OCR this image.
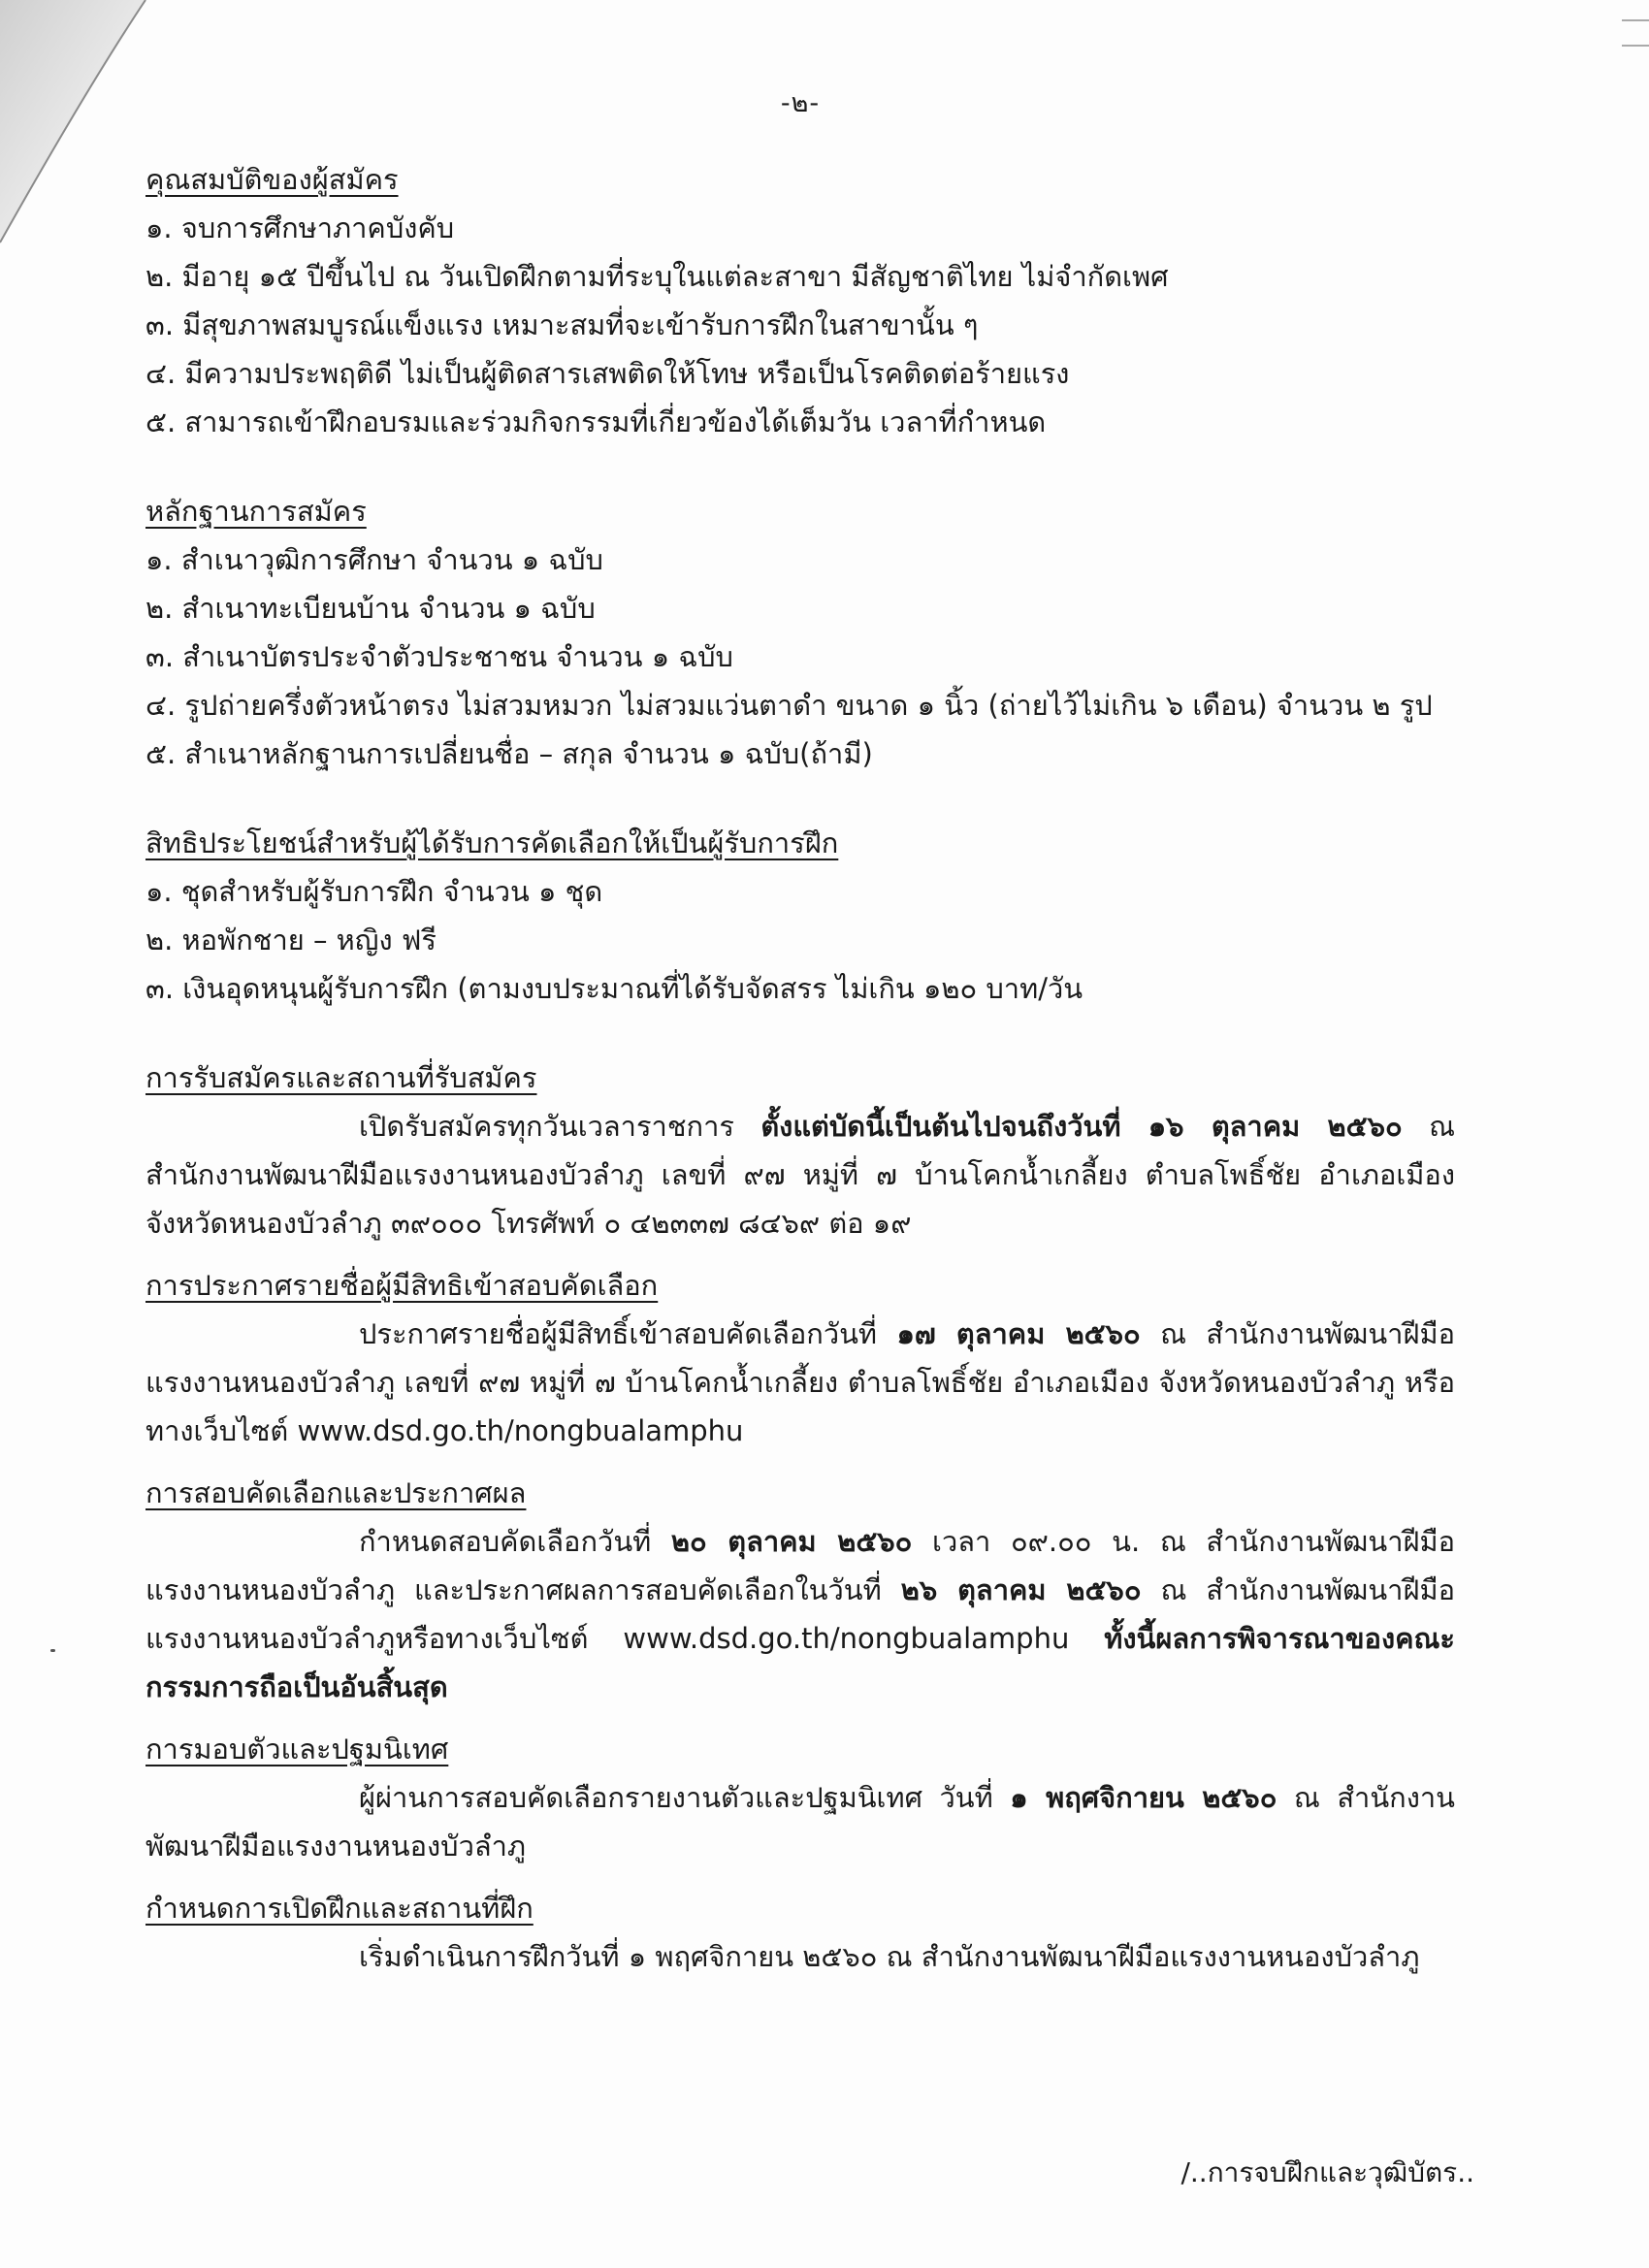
-๒-
คุณสมบัติของผู้สมัคร

๑. จบการศึกษาภาคบังคับ

๒. มีอายุ ๑๕ ปีขึ้นไป ณ วันเปิดฝึกตามที่ระบุในแต่ละสาขา มีสัญชาติไทย ไม่จำกัดเพศ

๓. มีสุขภาพสมบูรณ์แข็งแรง เหมาะสมที่จะเข้ารับการฝึกในสาขานั้น ๆ

๔. มีความประพฤติดี ไม่เป็นผู้ติดสารเสพติดให้โทษ หรือเป็นโรคติดต่อร้ายแรง

๕. สามารถเข้าฝึกอบรมและร่วมกิจกรรมที่เกี่ยวข้องได้เต็มวัน เวลาที่กำหนด

หลักฐานการสมัคร

๑. สำเนาวุฒิการศึกษา จำนวน ๑ ฉบับ

๒. สำเนาทะเบียนบ้าน จำนวน ๑ ฉบับ

๓. สำเนาบัตรประจำตัวประชาชน จำนวน ๑ ฉบับ

๔. รูปถ่ายครึ่งตัวหน้าตรง ไม่สวมหมวก ไม่สวมแว่นตาดำ ขนาด ๑ นิ้ว (ถ่ายไว้ไม่เกิน ๖ เดือน) จำนวน ๒ รูป

๕. สำเนาหลักฐานการเปลี่ยนชื่อ – สกุล จำนวน ๑ ฉบับ(ถ้ามี)

สิทธิประโยชน์สำหรับผู้ได้รับการคัดเลือกให้เป็นผู้รับการฝึก

๑. ชุดสำหรับผู้รับการฝึก จำนวน ๑ ชุด

๒. หอพักชาย – หญิง ฟรี

๓. เงินอุดหนุนผู้รับการฝึก (ตามงบประมาณที่ได้รับจัดสรร ไม่เกิน ๑๒๐ บาท/วัน

การรับสมัครและสถานที่รับสมัคร

เปิดรับสมัครทุกวันเวลาราชการ ตั้งแต่บัดนี้เป็นต้นไปจนถึงวันที่ ๑๖ ตุลาคม ๒๕๖๐ ณ สำนักงานพัฒนาฝีมือแรงงานหนองบัวลำภู เลขที่ ๙๗ หมู่ที่ ๗ บ้านโคกน้ำเกลี้ยง ตำบลโพธิ์ชัย อำเภอเมือง จังหวัดหนองบัวลำภู ๓๙๐๐๐ โทรศัพท์ ๐ ๔๒๓๓๗ ๘๔๖๙ ต่อ ๑๙

การประกาศรายชื่อผู้มีสิทธิเข้าสอบคัดเลือก

ประกาศรายชื่อผู้มีสิทธิ์เข้าสอบคัดเลือกวันที่ ๑๗ ตุลาคม ๒๕๖๐ ณ สำนักงานพัฒนาฝีมือแรงงานหนองบัวลำภู เลขที่ ๙๗ หมู่ที่ ๗ บ้านโคกน้ำเกลี้ยง ตำบลโพธิ์ชัย อำเภอเมือง จังหวัดหนองบัวลำภู หรือทางเว็บไซต์ www.dsd.go.th/nongbualamphu

การสอบคัดเลือกและประกาศผล

กำหนดสอบคัดเลือกวันที่ ๒๐ ตุลาคม ๒๕๖๐ เวลา ๐๙.๐๐ น. ณ สำนักงานพัฒนาฝีมือแรงงานหนองบัวลำภู และประกาศผลการสอบคัดเลือกในวันที่ ๒๖ ตุลาคม ๒๕๖๐ ณ สำนักงานพัฒนาฝีมือแรงงานหนองบัวลำภูหรือทางเว็บไซต์ www.dsd.go.th/nongbualamphu ทั้งนี้ผลการพิจารณาของคณะกรรมการถือเป็นอันสิ้นสุด

การมอบตัวและปฐมนิเทศ

ผู้ผ่านการสอบคัดเลือกรายงานตัวและปฐมนิเทศ วันที่ ๑ พฤศจิกายน ๒๕๖๐ ณ สำนักงานพัฒนาฝีมือแรงงานหนองบัวลำภู

กำหนดการเปิดฝึกและสถานที่ฝึก

เริ่มดำเนินการฝึกวันที่ ๑ พฤศจิกายน ๒๕๖๐ ณ สำนักงานพัฒนาฝีมือแรงงานหนองบัวลำภู

/..การจบฝึกและวุฒิบัตร..
